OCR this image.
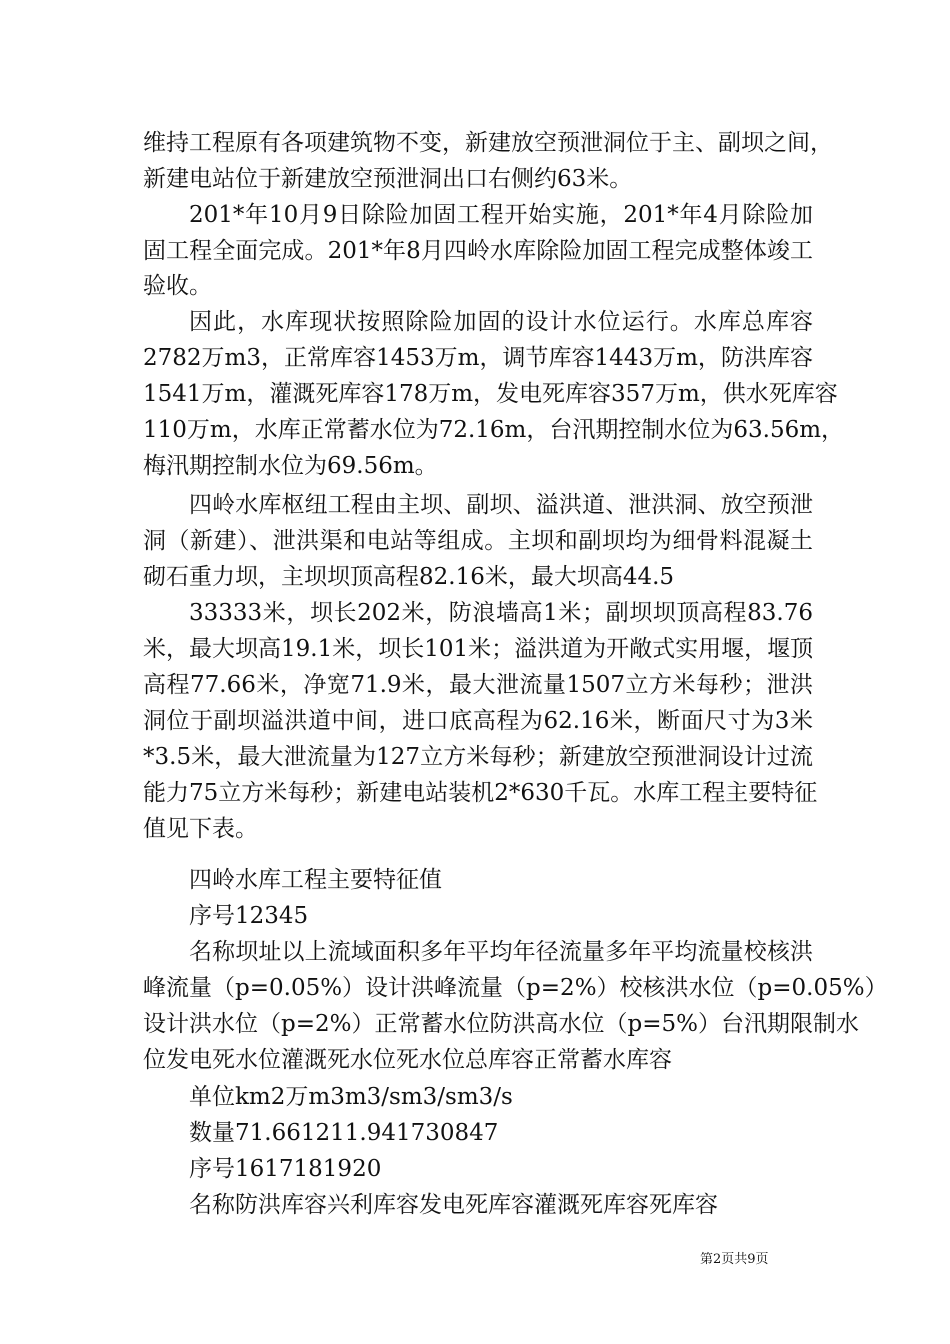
维持工程原有各项建筑物不变，新建放空预泄洞位于主、副坝之间，
新建电站位于新建放空预泄洞出口右侧约63米。
201*年10月9日除险加固工程开始实施，201*年4月除险加
固工程全面完成。201*年8月四岭水库除险加固工程完成整体竣工
验收。
因此，水库现状按照除险加固的设计水位运行。水库总库容
2782万m3，正常库容1453万m，调节库容1443万m，防洪库容
1541万m，灌溉死库容178万m，发电死库容357万m，供水死库容
110万m，水库正常蓄水位为72.16m，台汛期控制水位为63.56m，
梅汛期控制水位为69.56m。
四岭水库枢纽工程由主坝、副坝、溢洪道、泄洪洞、放空预泄
洞（新建）、泄洪渠和电站等组成。主坝和副坝均为细骨料混凝土
砌石重力坝，主坝坝顶高程82.16米，最大坝高44.5
33333米，坝长202米，防浪墙高1米；副坝坝顶高程83.76
米，最大坝高19.1米，坝长101米；溢洪道为开敞式实用堰，堰顶
高程77.66米，净宽71.9米，最大泄流量1507立方米每秒；泄洪
洞位于副坝溢洪道中间，进口底高程为62.16米，断面尺寸为3米
*3.5米，最大泄流量为127立方米每秒；新建放空预泄洞设计过流
能力75立方米每秒；新建电站装机2*630千瓦。水库工程主要特征
值见下表。
四岭水库工程主要特征值
序号12345
名称坝址以上流域面积多年平均年径流量多年平均流量校核洪
峰流量（p=0.05%）设计洪峰流量（p=2%）校核洪水位（p=0.05%）
设计洪水位（p=2%）正常蓄水位防洪高水位（p=5%）台汛期限制水
位发电死水位灌溉死水位死水位总库容正常蓄水库容
单位km2万m3m3/sm3/sm3/s
数量71.661211.941730847
序号1617181920
名称防洪库容兴利库容发电死库容灌溉死库容死库容
第2页共9页
